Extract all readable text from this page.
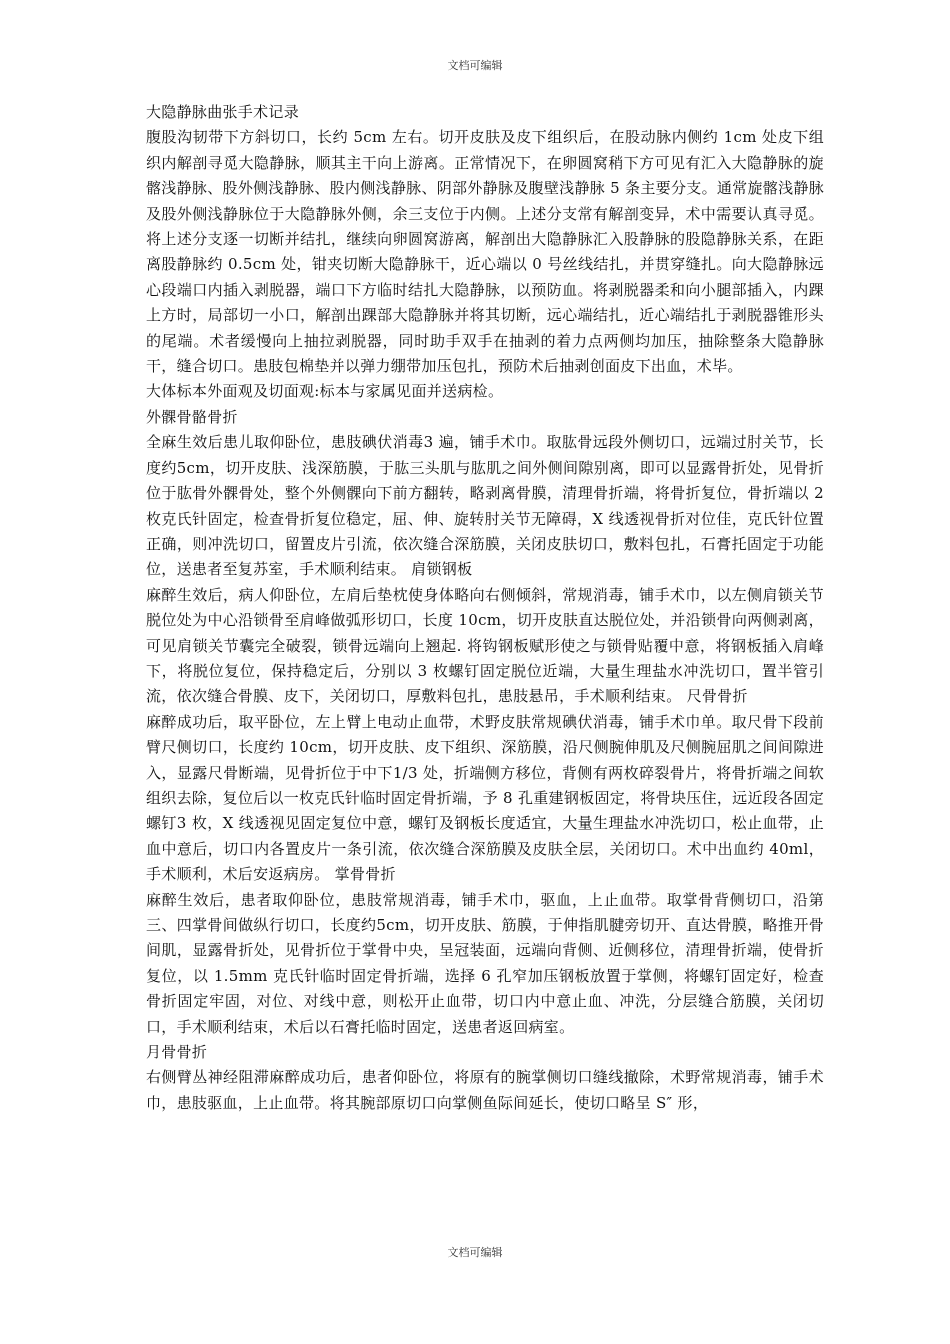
文档可编辑

大隐静脉曲张手术记录

腹股沟韧带下方斜切口，长约 5cm 左右。切开皮肤及皮下组织后，在股动脉内侧约 1cm 处皮下组织内解剖寻觅大隐静脉，顺其主干向上游离。正常情况下，在卵圆窝稍下方可见有汇入大隐静脉的旋髂浅静脉、股外侧浅静脉、股内侧浅静脉、阴部外静脉及腹壁浅静脉 5 条主要分支。通常旋髂浅静脉及股外侧浅静脉位于大隐静脉外侧，余三支位于内侧。上述分支常有解剖变异，术中需要认真寻觅。将上述分支逐一切断并结扎，继续向卵圆窝游离，解剖出大隐静脉汇入股静脉的股隐静脉关系，在距离股静脉约 0.5cm 处，钳夹切断大隐静脉干，近心端以 0 号丝线结扎，并贯穿缝扎。向大隐静脉远心段端口内插入剥脱器，端口下方临时结扎大隐静脉，以预防血。将剥脱器柔和向小腿部插入，内踝上方时，局部切一小口，解剖出踝部大隐静脉并将其切断，远心端结扎，近心端结扎于剥脱器锥形头的尾端。术者缓慢向上抽拉剥脱器，同时助手双手在抽剥的着力点两侧均加压，抽除整条大隐静脉干，缝合切口。患肢包棉垫并以弹力绷带加压包扎，预防术后抽剥创面皮下出血，术毕。

大体标本外面观及切面观:标本与家属见面并送病检。

外髁骨骼骨折

全麻生效后患儿取仰卧位，患肢碘伏消毒3 遍，铺手术巾。取肱骨远段外侧切口，远端过肘关节，长度约5cm，切开皮肤、浅深筋膜，于肱三头肌与肱肌之间外侧间隙别离，即可以显露骨折处，见骨折位于肱骨外髁骨处，整个外侧髁向下前方翻转，略剥离骨膜，清理骨折端，将骨折复位，骨折端以 2 枚克氏针固定，检查骨折复位稳定，屈、伸、旋转肘关节无障碍，X 线透视骨折对位佳，克氏针位置正确，则冲洗切口，留置皮片引流，依次缝合深筋膜，关闭皮肤切口，敷料包扎，石膏托固定于功能位，送患者至复苏室，手术顺利结束。 肩锁钢板

麻醉生效后，病人仰卧位，左肩后垫枕使身体略向右侧倾斜，常规消毒，铺手术巾，以左侧肩锁关节脱位处为中心沿锁骨至肩峰做弧形切口，长度 10cm，切开皮肤直达脱位处，并沿锁骨向两侧剥离，可见肩锁关节囊完全破裂，锁骨远端向上翘起. 将钩钢板赋形使之与锁骨贴覆中意，将钢板插入肩峰下，将脱位复位，保持稳定后，分别以 3 枚螺钉固定脱位近端，大量生理盐水冲洗切口，置半管引流，依次缝合骨膜、皮下，关闭切口，厚敷料包扎，患肢悬吊，手术顺利结束。 尺骨骨折

麻醉成功后，取平卧位，左上臂上电动止血带，术野皮肤常规碘伏消毒，铺手术巾单。取尺骨下段前臂尺侧切口，长度约 10cm，切开皮肤、皮下组织、深筋膜，沿尺侧腕伸肌及尺侧腕屈肌之间间隙进入，显露尺骨断端，见骨折位于中下1/3 处，折端侧方移位，背侧有两枚碎裂骨片，将骨折端之间软组织去除，复位后以一枚克氏针临时固定骨折端，予 8 孔重建钢板固定，将骨块压住，远近段各固定螺钉3 枚，X 线透视见固定复位中意，螺钉及钢板长度适宜，大量生理盐水冲洗切口，松止血带，止血中意后，切口内各置皮片一条引流，依次缝合深筋膜及皮肤全层，关闭切口。术中出血约 40ml，手术顺利，术后安返病房。 掌骨骨折

麻醉生效后，患者取仰卧位，患肢常规消毒，铺手术巾，驱血，上止血带。取掌骨背侧切口，沿第三、四掌骨间做纵行切口，长度约5cm，切开皮肤、筋膜，于伸指肌腱旁切开、直达骨膜，略推开骨间肌，显露骨折处，见骨折位于掌骨中央，呈冠装面，远端向背侧、近侧移位，清理骨折端，使骨折复位，以 1.5mm 克氏针临时固定骨折端，选择 6 孔窄加压钢板放置于掌侧，将螺钉固定好，检查骨折固定牢固，对位、对线中意，则松开止血带，切口内中意止血、冲洗，分层缝合筋膜，关闭切口，手术顺利结束，术后以石膏托临时固定，送患者返回病室。

月骨骨折

右侧臂丛神经阻滞麻醉成功后，患者仰卧位，将原有的腕掌侧切口缝线撤除，术野常规消毒，铺手术巾，患肢驱血，上止血带。将其腕部原切口向掌侧鱼际间延长，使切口略呈 S″ 形，

文档可编辑
